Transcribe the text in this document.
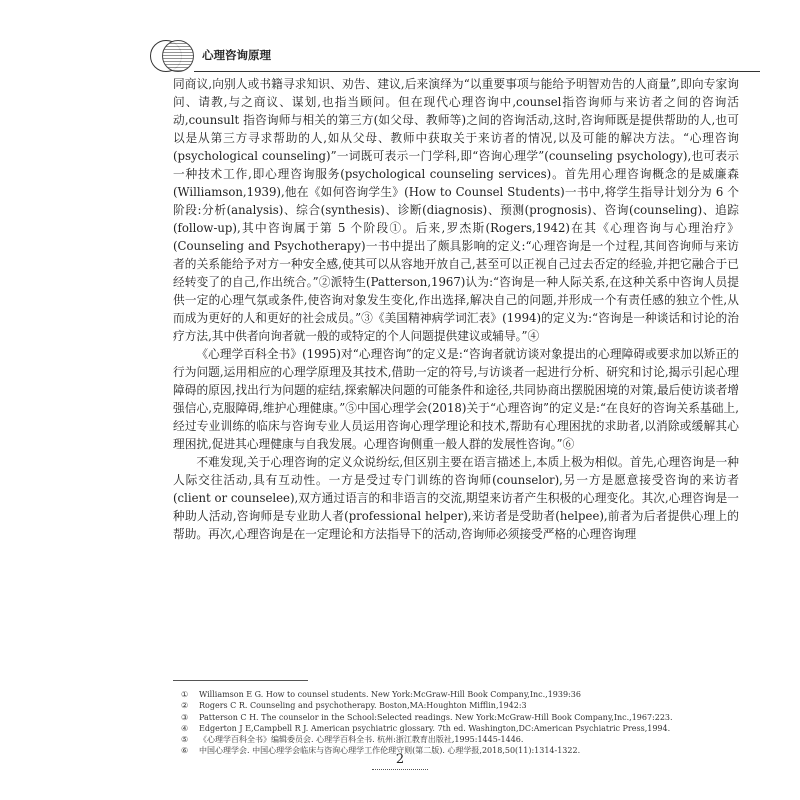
心理咨询原理

同商议,向别人或书籍寻求知识、劝告、建议,后来演绎为“以重要事项与能给予明智劝告的人商量”,即向专家询问、请教,与之商议、谋划,也指当顾问。但在现代心理咨询中,counsel指咨询师与来访者之间的咨询活动,counsult 指咨询师与相关的第三方(如父母、教师等)之间的咨询活动,这时,咨询师既是提供帮助的人,也可以是从第三方寻求帮助的人,如从父母、教师中获取关于来访者的情况,以及可能的解决方法。“心理咨询(psychological counseling)”一词既可表示一门学科,即“咨询心理学”(counseling psychology),也可表示一种技术工作,即心理咨询服务(psychological counseling services)。首先用心理咨询概念的是威廉森(Williamson,1939),他在《如何咨询学生》(How to Counsel Students)一书中,将学生指导计划分为 6 个阶段:分析(analysis)、综合(synthesis)、诊断(diagnosis)、预测(prognosis)、咨询(counseling)、追踪(follow-up),其中咨询属于第 5 个阶段①。后来,罗杰斯(Rogers,1942)在其《心理咨询与心理治疗》(Counseling and Psychotherapy)一书中提出了颇具影响的定义:“心理咨询是一个过程,其间咨询师与来访者的关系能给予对方一种安全感,使其可以从容地开放自己,甚至可以正视自己过去否定的经验,并把它融合于已经转变了的自己,作出统合。”②派特生(Patterson,1967)认为:“咨询是一种人际关系,在这种关系中咨询人员提供一定的心理气氛或条件,使咨询对象发生变化,作出选择,解决自己的问题,并形成一个有责任感的独立个性,从而成为更好的人和更好的社会成员。”③《美国精神病学词汇表》(1994)的定义为:“咨询是一种谈话和讨论的治疗方法,其中供者向询者就一般的或特定的个人问题提供建议或辅导。”④

《心理学百科全书》(1995)对“心理咨询”的定义是:“咨询者就访谈对象提出的心理障碍或要求加以矫正的行为问题,运用相应的心理学原理及其技术,借助一定的符号,与访谈者一起进行分析、研究和讨论,揭示引起心理障碍的原因,找出行为问题的症结,探索解决问题的可能条件和途径,共同协商出摆脱困境的对策,最后使访谈者增强信心,克服障碍,维护心理健康。”⑤中国心理学会(2018)关于“心理咨询”的定义是:“在良好的咨询关系基础上,经过专业训练的临床与咨询专业人员运用咨询心理学理论和技术,帮助有心理困扰的求助者,以消除或缓解其心理困扰,促进其心理健康与自我发展。心理咨询侧重一般人群的发展性咨询。”⑥

不难发现,关于心理咨询的定义众说纷纭,但区别主要在语言描述上,本质上极为相似。首先,心理咨询是一种人际交往活动,具有互动性。一方是受过专门训练的咨询师(counselor),另一方是愿意接受咨询的来访者(client or counselee),双方通过语言的和非语言的交流,期望来访者产生积极的心理变化。其次,心理咨询是一种助人活动,咨询师是专业助人者(professional helper),来访者是受助者(helpee),前者为后者提供心理上的帮助。再次,心理咨询是在一定理论和方法指导下的活动,咨询师必须接受严格的心理咨询理

①	Williamson E G. How to counsel students. New York:McGraw-Hill Book Company,Inc.,1939:36
②	Rogers C R. Counseling and psychotherapy. Boston,MA:Houghton Mifflin,1942:3
③	Patterson C H. The counselor in the School:Selected readings. New York:McGraw-Hill Book Company,Inc.,1967:223.
④	Edgerton J E,Campbell R J. American psychiatric glossary. 7th ed. Washington,DC:American Psychiatric Press,1994.
⑤	《心理学百科全书》编辑委员会. 心理学百科全书. 杭州:浙江教育出版社,1995:1445-1446.
⑥	中国心理学会. 中国心理学会临床与咨询心理学工作伦理守则(第二版). 心理学报,2018,50(11):1314-1322.
2
